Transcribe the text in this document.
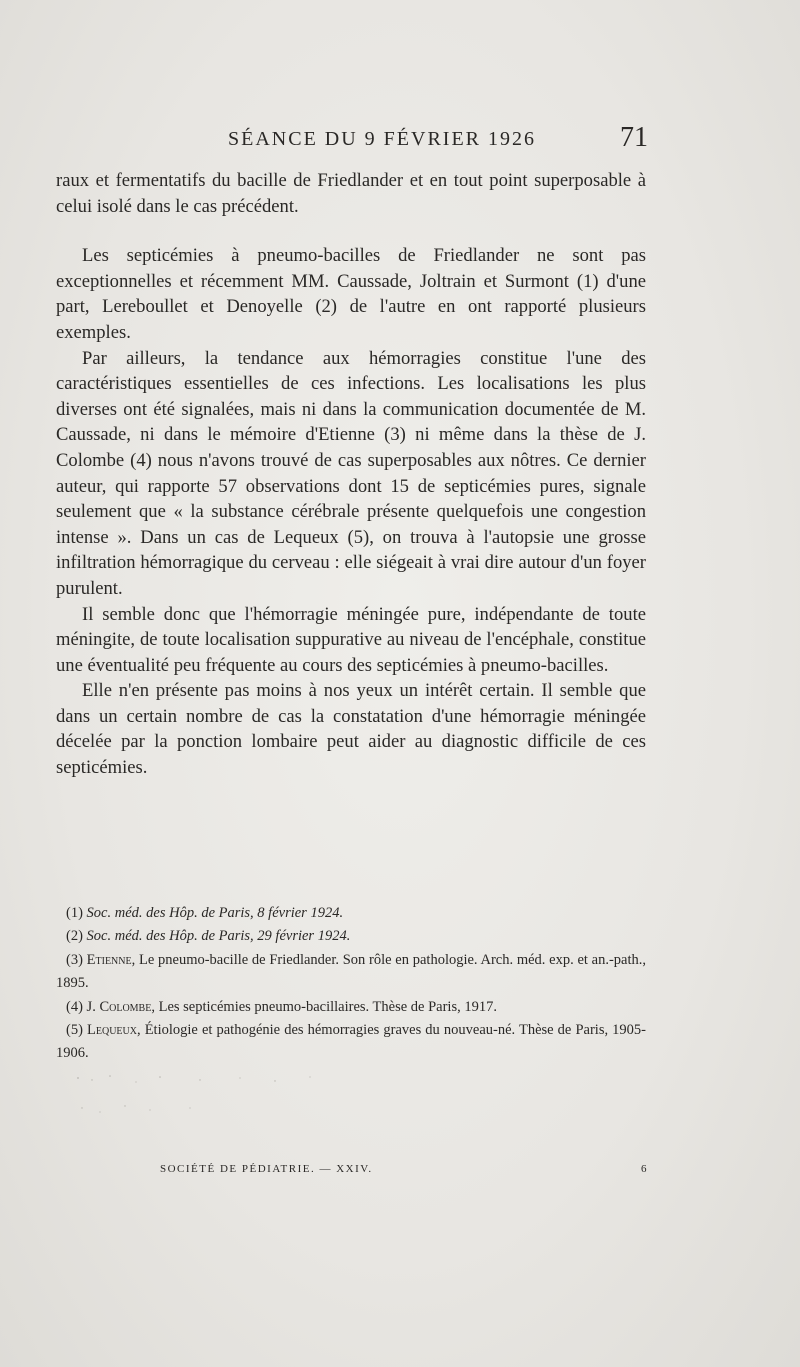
SÉANCE DU 9 FÉVRIER 1926	71

raux et fermentatifs du bacille de Friedlander et en tout point superposable à celui isolé dans le cas précédent.

Les septicémies à pneumo-bacilles de Friedlander ne sont pas exceptionnelles et récemment MM. Caussade, Joltrain et Surmont (1) d'une part, Lereboullet et Denoyelle (2) de l'autre en ont rapporté plusieurs exemples.

Par ailleurs, la tendance aux hémorragies constitue l'une des caractéristiques essentielles de ces infections. Les localisations les plus diverses ont été signalées, mais ni dans la communication documentée de M. Caussade, ni dans le mémoire d'Etienne (3) ni même dans la thèse de J. Colombe (4) nous n'avons trouvé de cas superposables aux nôtres. Ce dernier auteur, qui rapporte 57 observations dont 15 de septicémies pures, signale seulement que « la substance cérébrale présente quelquefois une congestion intense ». Dans un cas de Lequeux (5), on trouva à l'autopsie une grosse infiltration hémorragique du cerveau : elle siégeait à vrai dire autour d'un foyer purulent.

Il semble donc que l'hémorragie méningée pure, indépendante de toute méningite, de toute localisation suppurative au niveau de l'encéphale, constitue une éventualité peu fréquente au cours des septicémies à pneumo-bacilles.

Elle n'en présente pas moins à nos yeux un intérêt certain. Il semble que dans un certain nombre de cas la constatation d'une hémorragie méningée décelée par la ponction lombaire peut aider au diagnostic difficile de ces septicémies.

(1) Soc. méd. des Hôp. de Paris, 8 février 1924.

(2) Soc. méd. des Hôp. de Paris, 29 février 1924.

(3) Etienne, Le pneumo-bacille de Friedlander. Son rôle en pathologie. Arch. méd. exp. et an.-path., 1895.

(4) J. Colombe, Les septicémies pneumo-bacillaires. Thèse de Paris, 1917.

(5) Lequeux, Étiologie et pathogénie des hémorragies graves du nouveau-né. Thèse de Paris, 1905-1906.

SOCIÉTÉ DE PÉDIATRIE. — XXIV.	6
